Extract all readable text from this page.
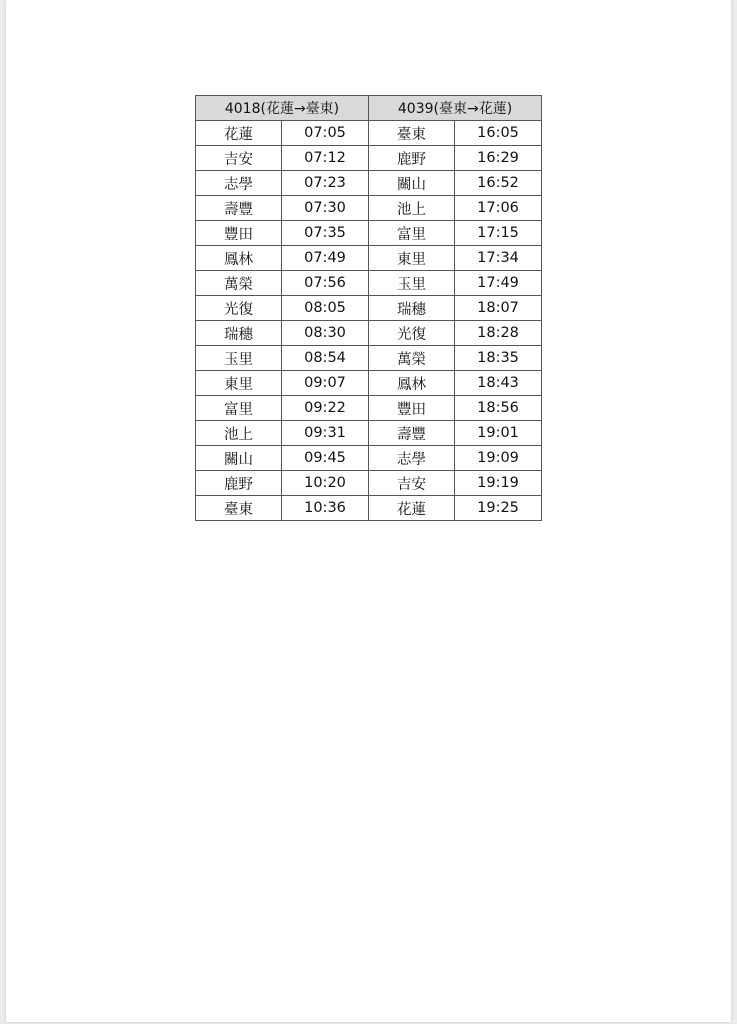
4018(花蓮→臺東)		4039(臺東→花蓮)	
花蓮	07:05	臺東	16:05
吉安	07:12	鹿野	16:29
志學	07:23	關山	16:52
壽豐	07:30	池上	17:06
豐田	07:35	富里	17:15
鳳林	07:49	東里	17:34
萬榮	07:56	玉里	17:49
光復	08:05	瑞穗	18:07
瑞穗	08:30	光復	18:28
玉里	08:54	萬榮	18:35
東里	09:07	鳳林	18:43
富里	09:22	豐田	18:56
池上	09:31	壽豐	19:01
關山	09:45	志學	19:09
鹿野	10:20	吉安	19:19
臺東	10:36	花蓮	19:25
